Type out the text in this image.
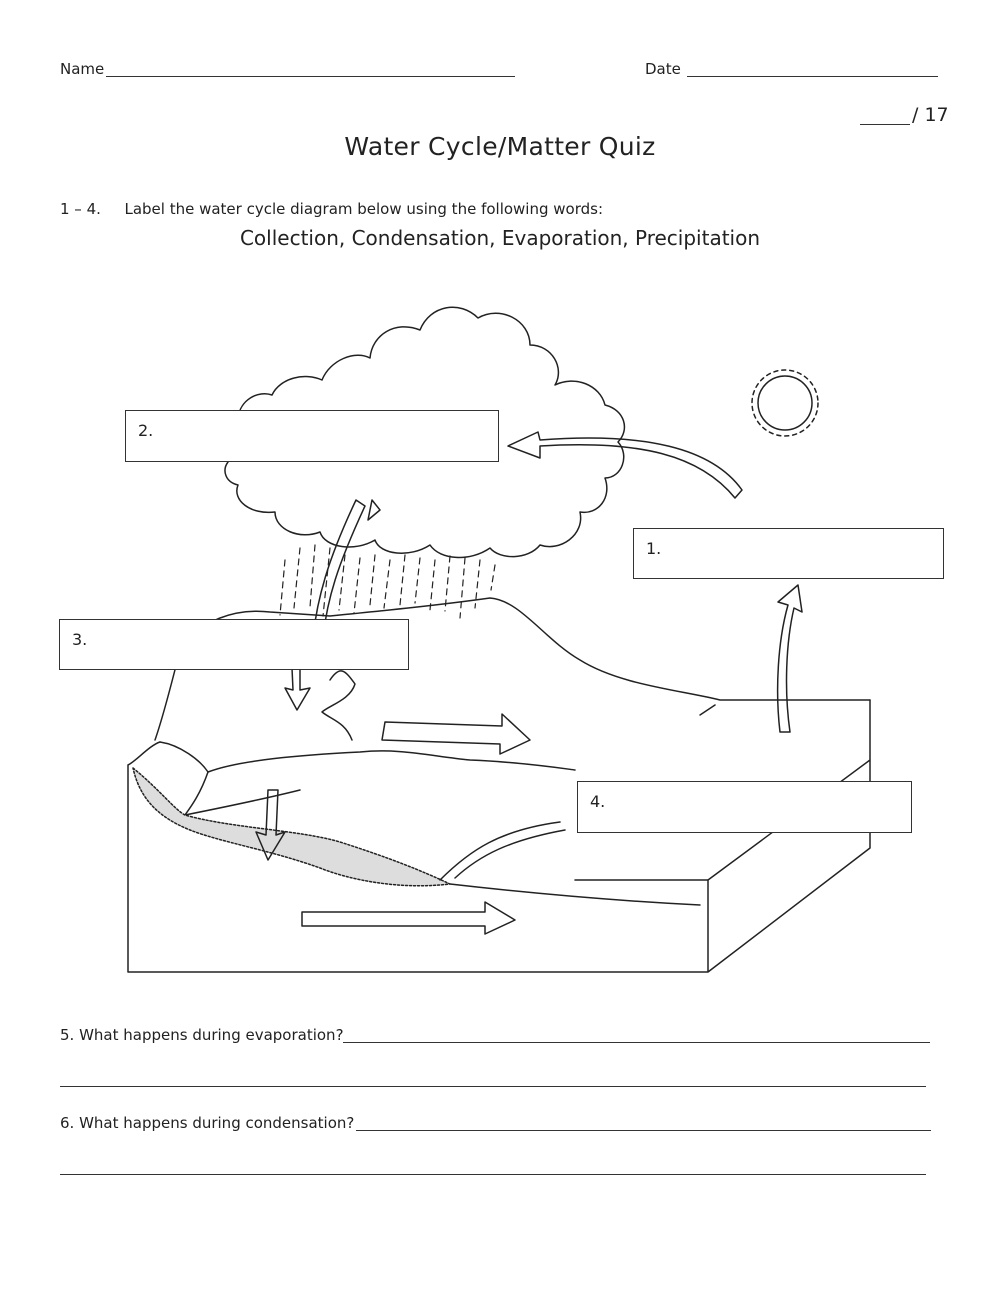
Name	Date
/ 17
Water Cycle/Matter Quiz
1 – 4. Label the water cycle diagram below using the following words:
Collection, Condensation, Evaporation, Precipitation
1.
2.
3.
4.
5. What happens during evaporation?
6. What happens during condensation?
